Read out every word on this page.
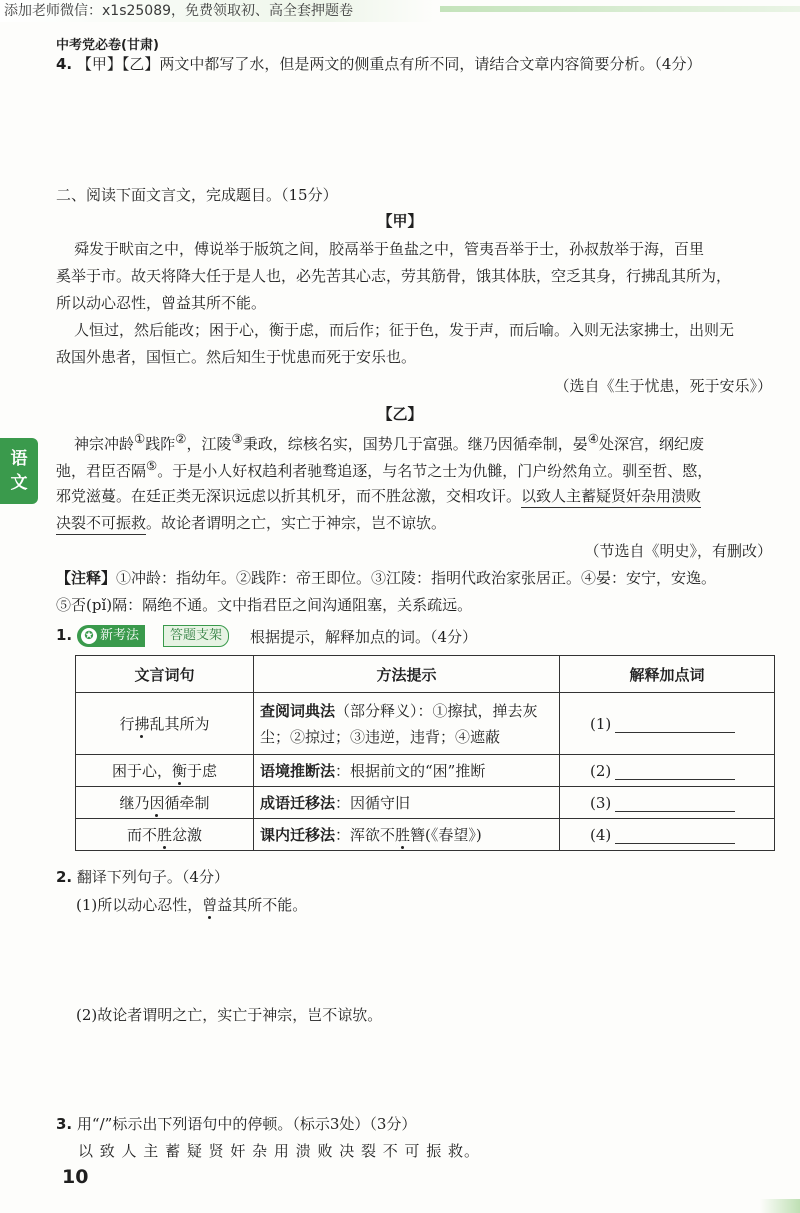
添加老师微信：x1s25089，免费领取初、高全套押题卷
中考党必卷(甘肃)
语
文
4. 【甲】【乙】两文中都写了水，但是两文的侧重点有所不同，请结合文章内容简要分析。（4分）
二、阅读下面文言文，完成题目。（15分）
【甲】
舜发于畎亩之中，傅说举于版筑之间，胶鬲举于鱼盐之中，管夷吾举于士，孙叔敖举于海，百里
奚举于市。故天将降大任于是人也，必先苦其心志，劳其筋骨，饿其体肤，空乏其身，行拂乱其所为，
所以动心忍性，曾益其所不能。
人恒过，然后能改；困于心，衡于虑，而后作；征于色，发于声，而后喻。入则无法家拂士，出则无
敌国外患者，国恒亡。然后知生于忧患而死于安乐也。
（选自《生于忧患，死于安乐》）
【乙】
神宗冲龄①践阼②，江陵③秉政，综核名实，国势几于富强。继乃因循牵制，晏④处深宫，纲纪废
弛，君臣否隔⑤。于是小人好权趋利者驰骛追逐，与名节之士为仇雠，门户纷然角立。驯至哲、愍，
邪党滋蔓。在廷正类无深识远虑以折其机牙，而不胜忿激，交相攻讦。以致人主蓄疑贤奸杂用溃败
决裂不可振救。故论者谓明之亡，实亡于神宗，岂不谅欤。
（节选自《明史》，有删改）
【注释】①冲龄：指幼年。②践阼：帝王即位。③江陵：指明代政治家张居正。④晏：安宁，安逸。
⑤否(pǐ)隔：隔绝不通。文中指君臣之间沟通阻塞，关系疏远。
1.	✪ 新考法	答题支架	根据提示，解释加点的词。（4分）
文言词句	方法提示	解释加点词
行拂乱其所为	查阅词典法（部分释义）：①擦拭，掸去灰尘；②掠过；③违逆，违背；④遮蔽	(1)
困于心，衡于虑	语境推断法：根据前文的“困”推断	(2)
继乃因循牵制	成语迁移法：因循守旧	(3)
而不胜忿激	课内迁移法：浑欲不胜簪(《春望》)	(4)
2. 翻译下列句子。（4分）
(1)所以动心忍性，曾益其所不能。
(2)故论者谓明之亡，实亡于神宗，岂不谅欤。
3. 用“/”标示出下列语句中的停顿。（标示3处）（3分）
以 致 人 主 蓄 疑 贤 奸 杂 用 溃 败 决 裂 不 可 振 救。
10
